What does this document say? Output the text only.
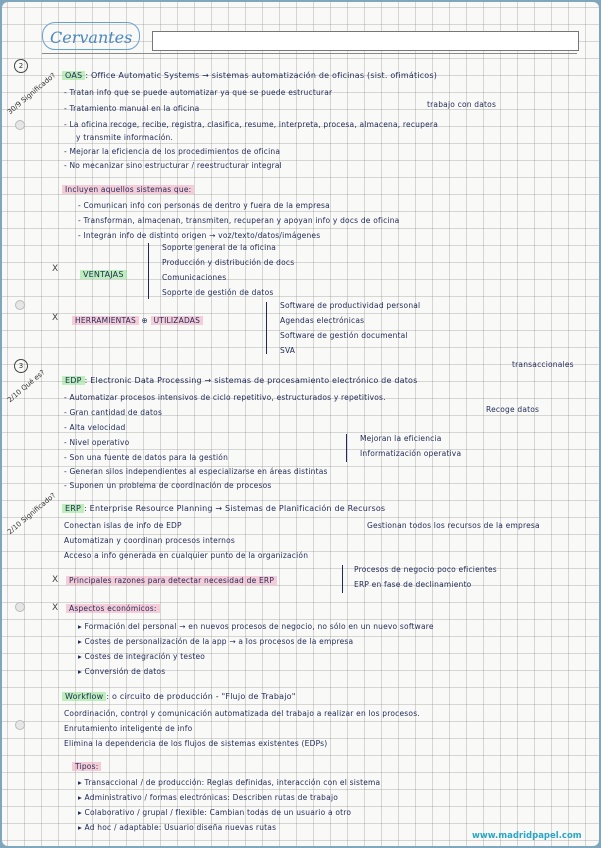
Cervantes
2
30/9 Significado?
3
2/10 Qué es?
2/10 Significado?
OAS : Office Automatic Systems → sistemas automatización de oficinas (sist. ofimáticos)
- Tratan info que se puede automatizar ya que se puede estructurar
trabajo con datos
- Tratamiento manual en la oficina
- La oficina recoge, recibe, registra, clasifica, resume, interpreta, procesa, almacena, recupera
y transmite información.
- Mejorar la eficiencia de los procedimientos de oficina
- No mecanizar sino estructurar / reestructurar integral
Incluyen aquellos sistemas que:
- Comunican info con personas de dentro y fuera de la empresa
- Transforman, almacenan, transmiten, recuperan y apoyan info y docs de oficina
- Integran info de distinto origen → voz/texto/datos/imágenes
X
VENTAJAS
Soporte general de la oficina
Producción y distribución de docs
Comunicaciones
Soporte de gestión de datos
X	HERRAMIENTAS ⊕ UTILIZADAS
Software de productividad personal
Agendas electrónicas
Software de gestión documental
SVA
transaccionales
EDP : Electronic Data Processing → sistemas de procesamiento electrónico de datos
- Automatizar procesos intensivos de ciclo repetitivo, estructurados y repetitivos.
Recoge datos
- Gran cantidad de datos
- Alta velocidad
- Nivel operativo
- Son una fuente de datos para la gestión
- Generan silos independientes al especializarse en áreas distintas
- Suponen un problema de coordinación de procesos
Mejoran la eficiencia
Informatización operativa
ERP : Enterprise Resource Planning → Sistemas de Planificación de Recursos
Conectan islas de info de EDP	Gestionan todos los recursos de la empresa
Automatizan y coordinan procesos internos
Acceso a info generada en cualquier punto de la organización
X	Principales razones para detectar necesidad de ERP
Procesos de negocio poco eficientes
ERP en fase de declinamiento
X	Aspectos económicos:
▸ Formación del personal → en nuevos procesos de negocio, no sólo en un nuevo software
▸ Costes de personalización de la app → a los procesos de la empresa
▸ Costes de integración y testeo
▸ Conversión de datos
Workflow : o circuito de producción - "Flujo de Trabajo"
Coordinación, control y comunicación automatizada del trabajo a realizar en los procesos.
Enrutamiento inteligente de info
Elimina la dependencia de los flujos de sistemas existentes (EDPs)
Tipos:
▸ Transaccional / de producción: Reglas definidas, interacción con el sistema
▸ Administrativo / formas electrónicas: Describen rutas de trabajo
▸ Colaborativo / grupal / flexible: Cambian todas de un usuario a otro
▸ Ad hoc / adaptable: Usuario diseña nuevas rutas
www.madridpapel.com
